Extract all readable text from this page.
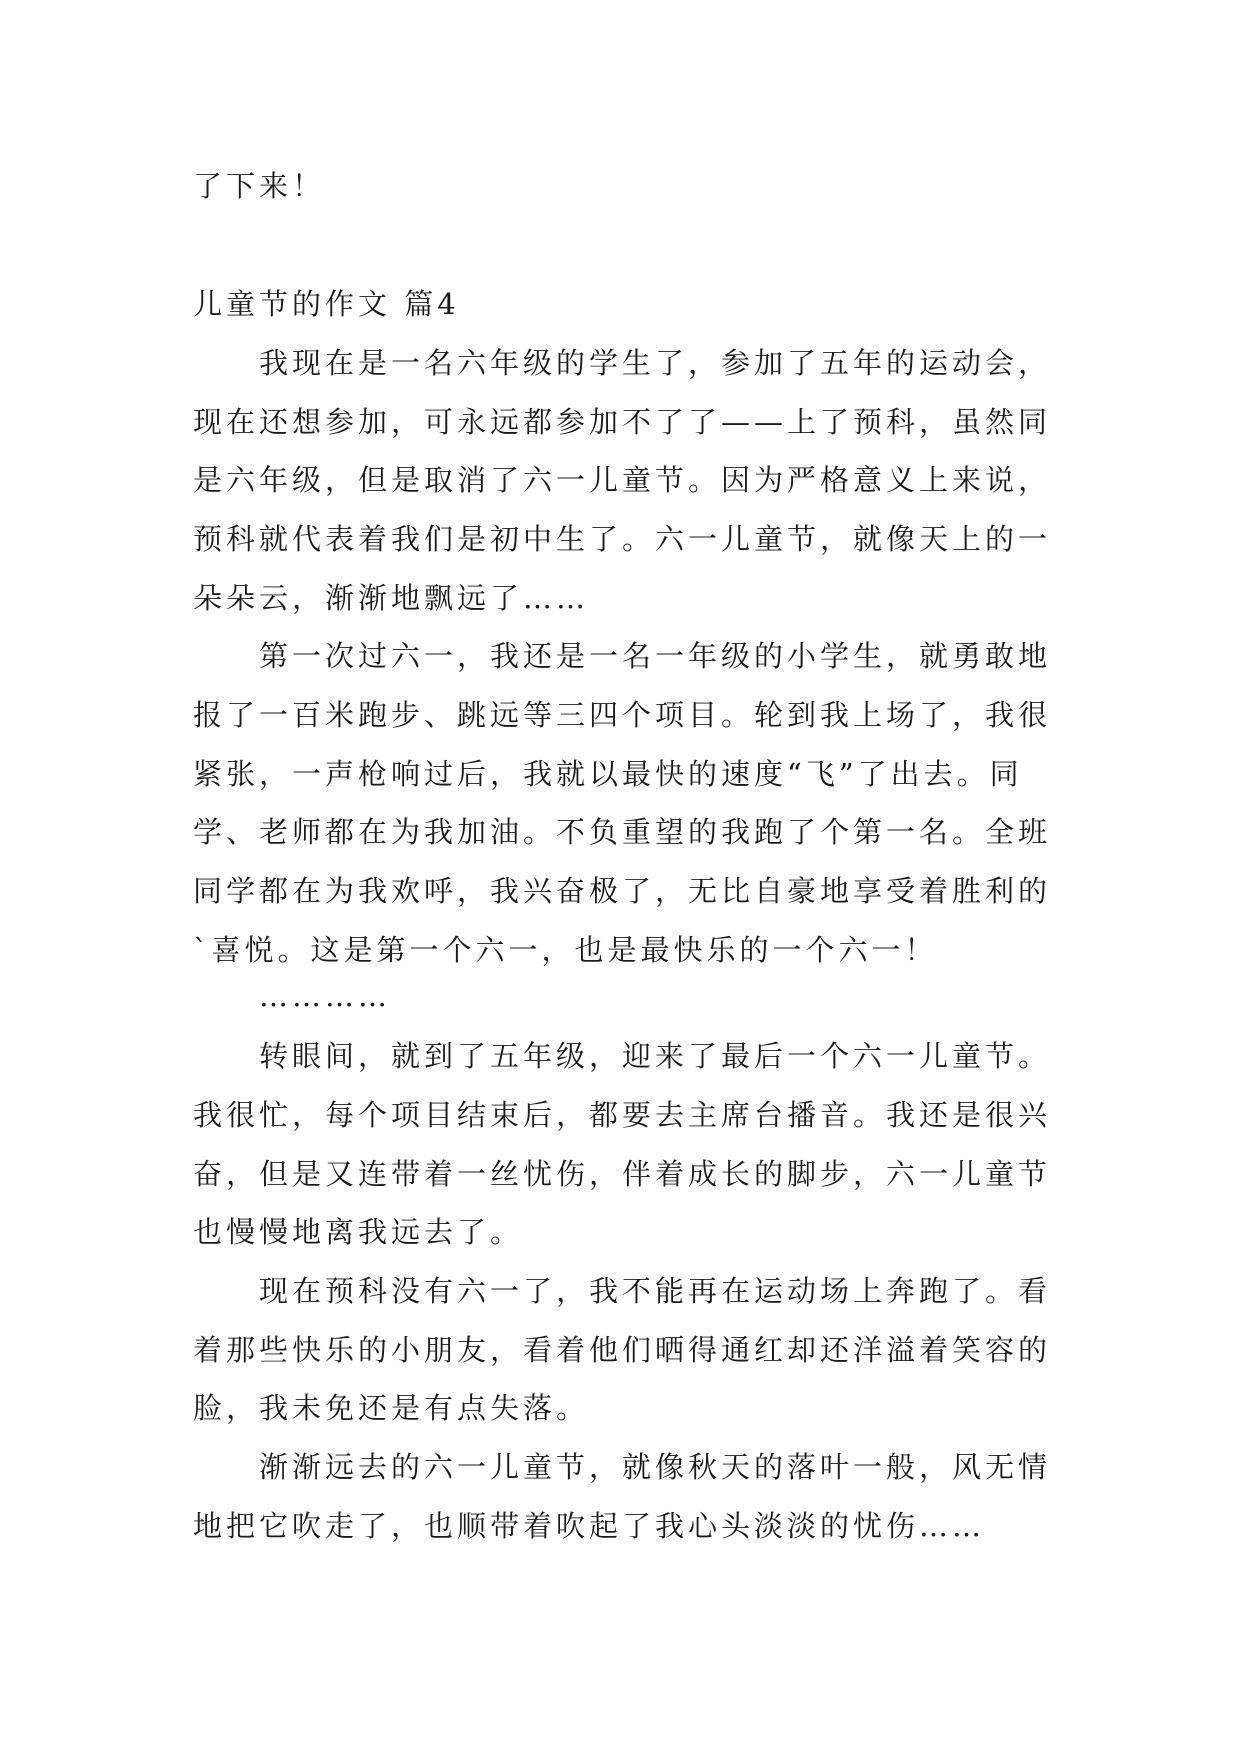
了下来！
儿童节的作文 篇4
　　我现在是一名六年级的学生了，参加了五年的运动会，
现在还想参加，可永远都参加不了了——上了预科，虽然同
是六年级，但是取消了六一儿童节。因为严格意义上来说，
预科就代表着我们是初中生了。六一儿童节，就像天上的一
朵朵云，渐渐地飘远了……
　　第一次过六一，我还是一名一年级的小学生，就勇敢地
报了一百米跑步、跳远等三四个项目。轮到我上场了，我很
紧张，一声枪响过后，我就以最快的速度“飞”了出去。同
学、老师都在为我加油。不负重望的我跑了个第一名。全班
同学都在为我欢呼，我兴奋极了，无比自豪地享受着胜利的
`喜悦。这是第一个六一，也是最快乐的一个六一！
　　…………
　　转眼间，就到了五年级，迎来了最后一个六一儿童节。
我很忙，每个项目结束后，都要去主席台播音。我还是很兴
奋，但是又连带着一丝忧伤，伴着成长的脚步，六一儿童节
也慢慢地离我远去了。
　　现在预科没有六一了，我不能再在运动场上奔跑了。看
着那些快乐的小朋友，看着他们晒得通红却还洋溢着笑容的
脸，我未免还是有点失落。
　　渐渐远去的六一儿童节，就像秋天的落叶一般，风无情
地把它吹走了，也顺带着吹起了我心头淡淡的忧伤……
